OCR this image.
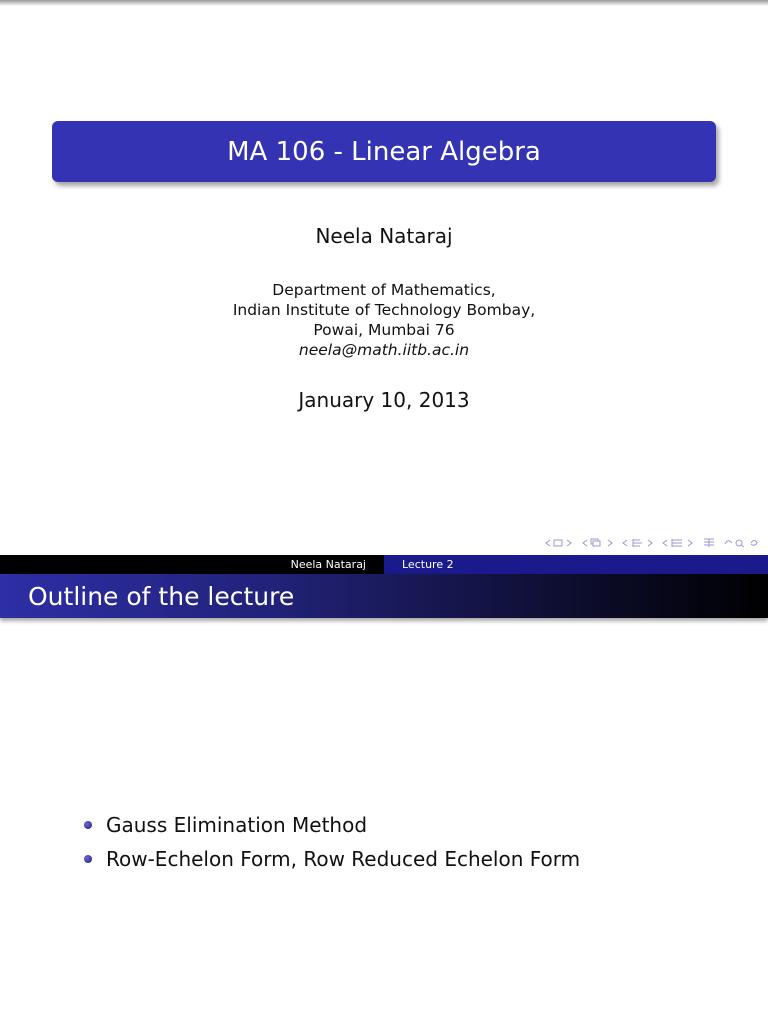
MA 106 - Linear Algebra
Neela Nataraj
Department of Mathematics,
Indian Institute of Technology Bombay,
Powai, Mumbai 76
neela@math.iitb.ac.in
January 10, 2013
Neela Nataraj	Lecture 2
Outline of the lecture
Gauss Elimination Method
Row-Echelon Form, Row Reduced Echelon Form
